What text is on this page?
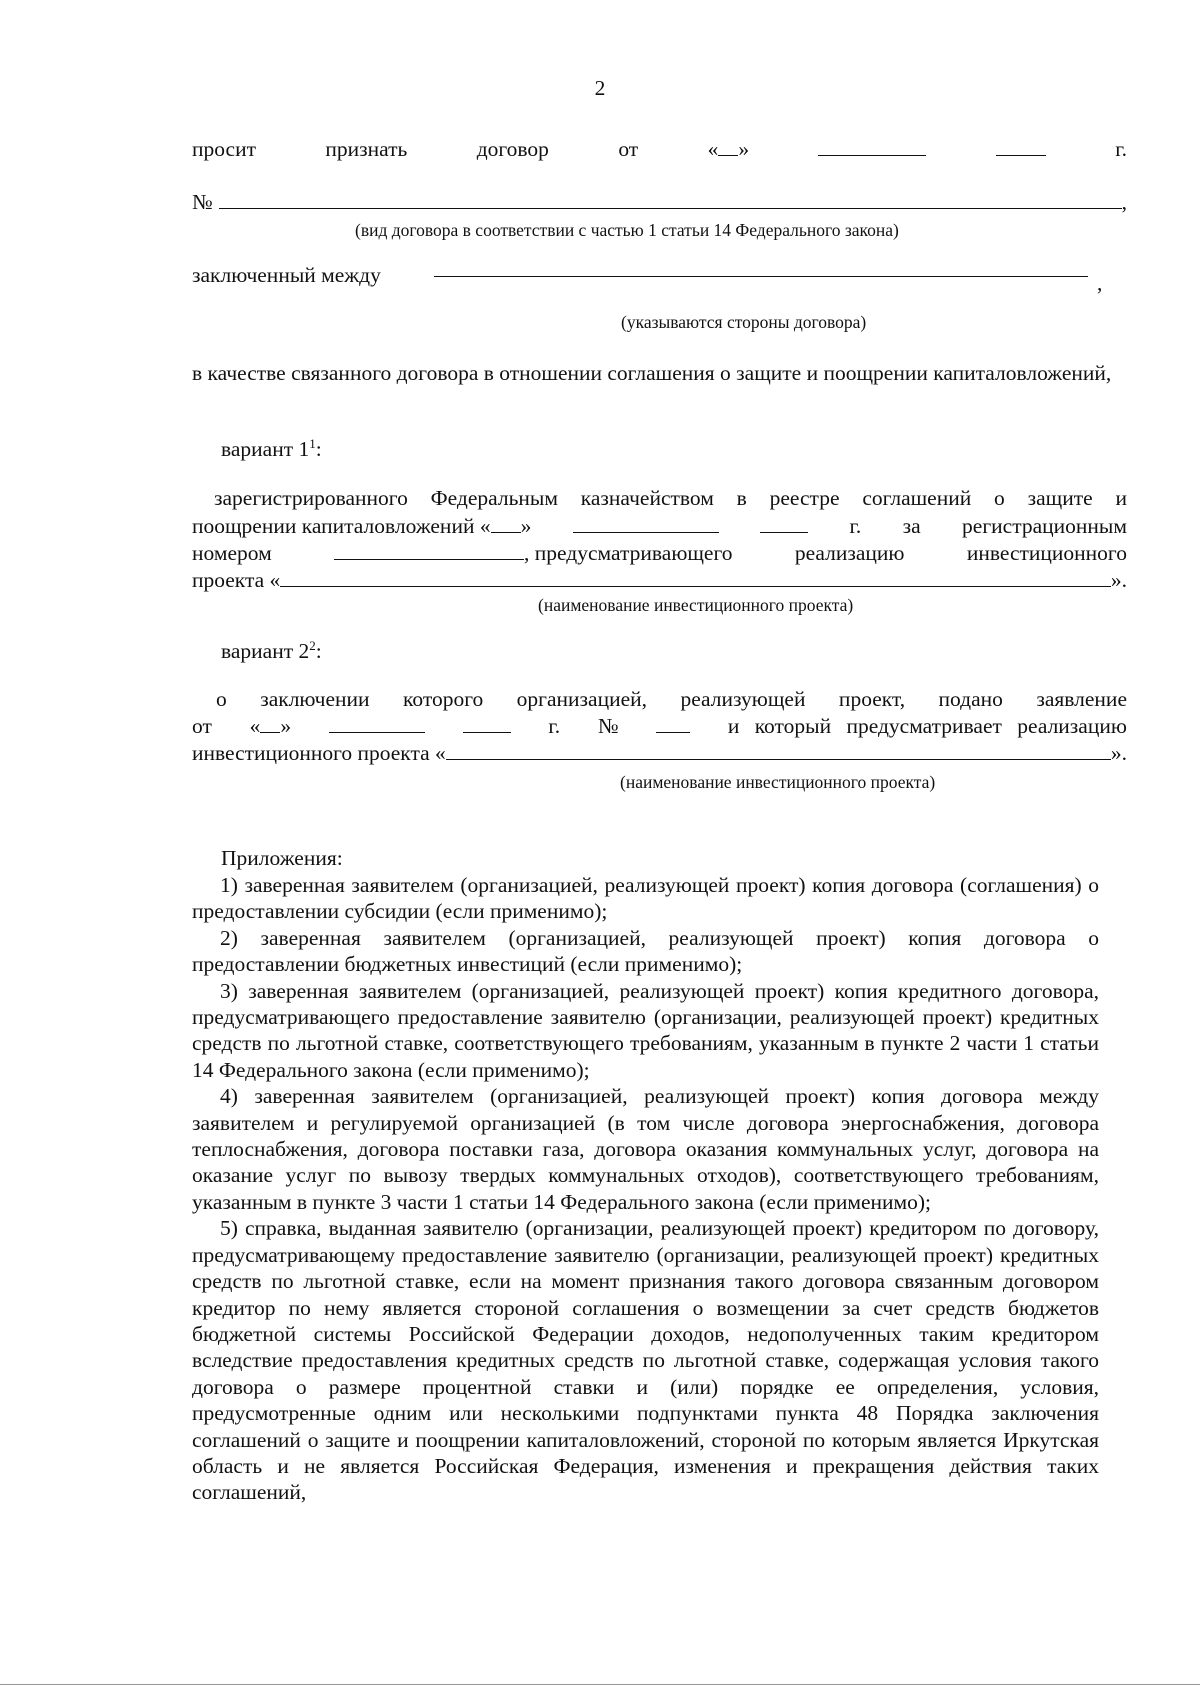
2
просит	признать	договор	от	« »	г.
№	,
(вид договора в соответствии с частью 1 статьи 14 Федерального закона)
заключенный между	,
(указываются стороны договора)

в качестве связанного договора в отношении соглашения о защите и поощрении капиталовложений,

вариант $1^1$:
зарегистрированного Федеральным казначейством в реестре соглашений о защите и
поощрении капиталовложений « »	г. за регистрационным
номером	, предусматривающего	реализацию	инвестиционного
проекта «	».
(наименование инвестиционного проекта)
вариант $2^2$:
о заключении которого организацией, реализующей проект, подано заявление
от « »	г. №	и который предусматривает реализацию
инвестиционного проекта «	».
(наименование инвестиционного проекта)
Приложения:

1) заверенная заявителем (организацией, реализующей проект) копия договора (соглашения) о предоставлении субсидии (если применимо);

2) заверенная заявителем (организацией, реализующей проект) копия договора о предоставлении бюджетных инвестиций (если применимо);

3) заверенная заявителем (организацией, реализующей проект) копия кредитного договора, предусматривающего предоставление заявителю (организации, реализующей проект) кредитных средств по льготной ставке, соответствующего требованиям, указанным в пункте 2 части 1 статьи 14 Федерального закона (если применимо);

4) заверенная заявителем (организацией, реализующей проект) копия договора между заявителем и регулируемой организацией (в том числе договора энергоснабжения, договора теплоснабжения, договора поставки газа, договора оказания коммунальных услуг, договора на оказание услуг по вывозу твердых коммунальных отходов), соответствующего требованиям, указанным в пункте 3 части 1 статьи 14 Федерального закона (если применимо);

5) справка, выданная заявителю (организации, реализующей проект) кредитором по договору, предусматривающему предоставление заявителю (организации, реализующей проект) кредитных средств по льготной ставке, если на момент признания такого договора связанным договором кредитор по нему является стороной соглашения о возмещении за счет средств бюджетов бюджетной системы Российской Федерации доходов, недополученных таким кредитором вследствие предоставления кредитных средств по льготной ставке, содержащая условия такого договора о размере процентной ставки и (или) порядке ее определения, условия, предусмотренные одним или несколькими подпунктами пункта 48 Порядка заключения соглашений о защите и поощрении капиталовложений, стороной по которым является Иркутская область и не является Российская Федерация, изменения и прекращения действия таких соглашений,
